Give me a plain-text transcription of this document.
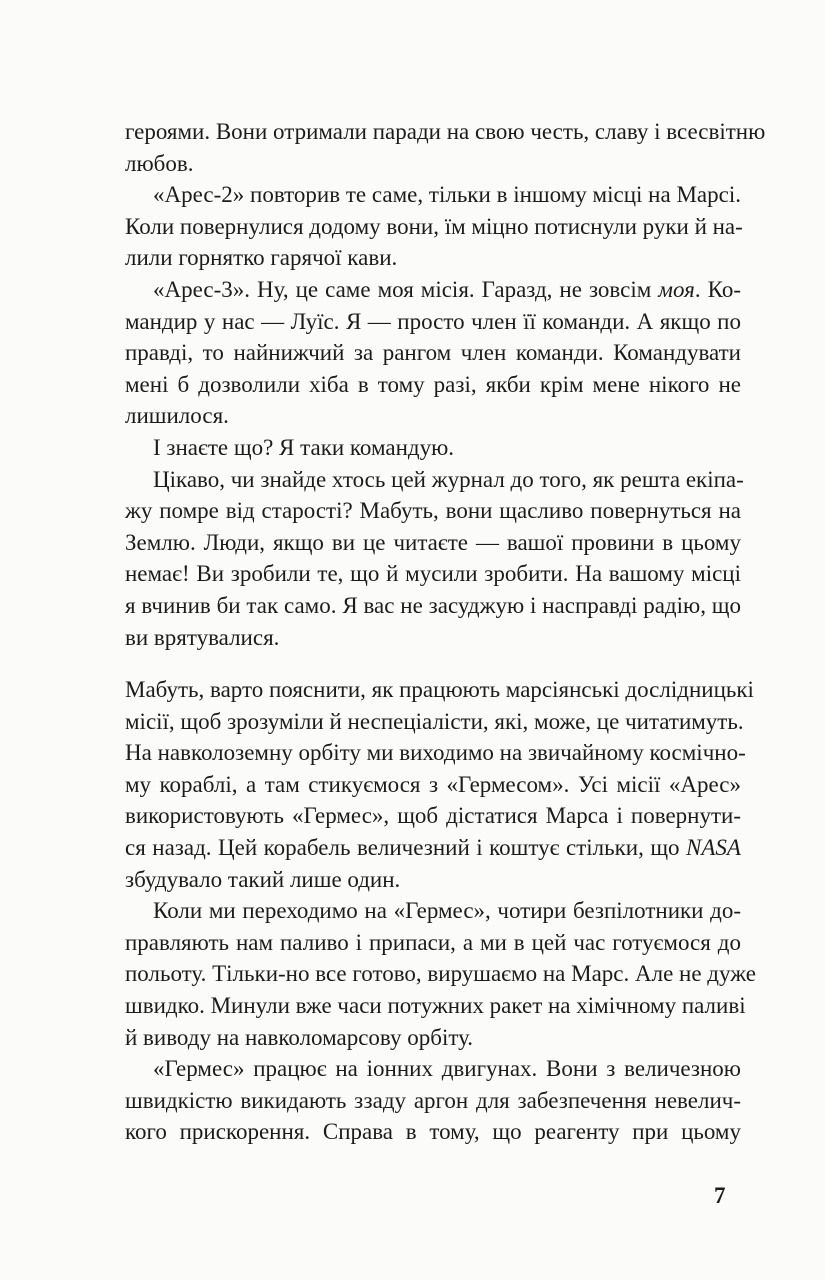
героями. Вони отримали паради на свою честь, славу і всесвітню
любов.
«Арес-2» повторив те саме, тільки в іншому місці на Марсі.
Коли повернулися додому вони, їм міцно потиснули руки й на-
лили горнятко гарячої кави.
«Арес-3». Ну, це саме моя місія. Гаразд, не зовсім моя. Ко-
мандир у нас — Луїс. Я — просто член її команди. А якщо по
правді, то найнижчий за рангом член команди. Командувати
мені б дозволили хіба в тому разі, якби крім мене нікого не
лишилося.
І знаєте що? Я таки командую.
Цікаво, чи знайде хтось цей журнал до того, як решта екіпа-
жу помре від старості? Мабуть, вони щасливо повернуться на
Землю. Люди, якщо ви це читаєте — вашої провини в цьому
немає! Ви зробили те, що й мусили зробити. На вашому місці
я вчинив би так само. Я вас не засуджую і насправді радію, що
ви врятувалися.
Мабуть, варто пояснити, як працюють марсіянські дослідницькі
місії, щоб зрозуміли й неспеціалісти, які, може, це читатимуть.
На навколоземну орбіту ми виходимо на звичайному космічно-
му кораблі, а там стикуємося з «Гермесом». Усі місії «Арес»
використовують «Гермес», щоб дістатися Марса і повернути-
ся назад. Цей корабель величезний і коштує стільки, що NASA
збудувало такий лише один.
Коли ми переходимо на «Гермес», чотири безпілотники до-
правляють нам паливо і припаси, а ми в цей час готуємося до
польоту. Тільки-но все готово, вирушаємо на Марс. Але не дуже
швидко. Минули вже часи потужних ракет на хімічному паливі
й виводу на навколомарсову орбіту.
«Гермес» працює на іонних двигунах. Вони з величезною
швидкістю викидають ззаду аргон для забезпечення невелич-
кого прискорення. Справа в тому, що реагенту при цьому
7
